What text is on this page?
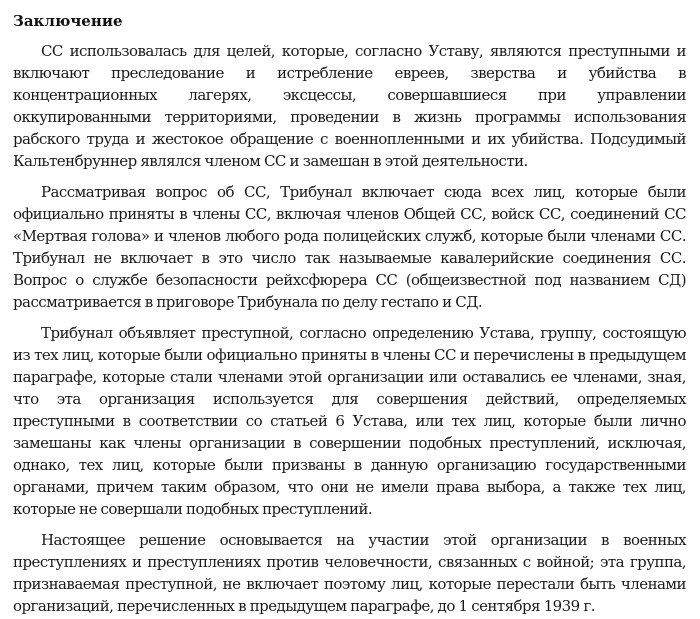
Заключение

СС использовалась для целей, которые, согласно Уставу, являются преступными и включают преследование и истребление евреев, зверства и убийства в концентрационных лагерях, эксцессы, совершавшиеся при управлении оккупированными территориями, проведении в жизнь программы использования рабского труда и жестокое обращение с военнопленными и их убийства. Подсудимый Кальтенбруннер являлся членом СС и замешан в этой деятельности.

Рассматривая вопрос об СС, Трибунал включает сюда всех лиц, которые были официально приняты в члены СС, включая членов Общей СС, войск СС, соединений СС «Мертвая голова» и членов любого рода полицейских служб, которые были членами СС. Трибунал не включает в это число так называемые кавалерийские соединения СС. Вопрос о службе безопасности рейхсфюрера СС (общеизвестной под названием СД) рассматривается в приговоре Трибунала по делу гестапо и СД.

Трибунал объявляет преступной, согласно определению Устава, группу, состоящую из тех лиц, которые были официально приняты в члены СС и перечислены в предыдущем параграфе, которые стали членами этой организации или оставались ее членами, зная, что эта организация используется для совершения действий, определяемых преступными в соответствии со статьей 6 Устава, или тех лиц, которые были лично замешаны как члены организации в совершении подобных преступлений, исключая, однако, тех лиц, которые были призваны в данную организацию государственными органами, причем таким образом, что они не имели права выбора, а также тех лиц, которые не совершали подобных преступлений.

Настоящее решение основывается на участии этой организации в военных преступлениях и преступлениях против человечности, связанных с войной; эта группа, признаваемая преступной, не включает поэтому лиц, которые перестали быть членами организаций, перечисленных в предыдущем параграфе, до 1 сентября 1939 г.
